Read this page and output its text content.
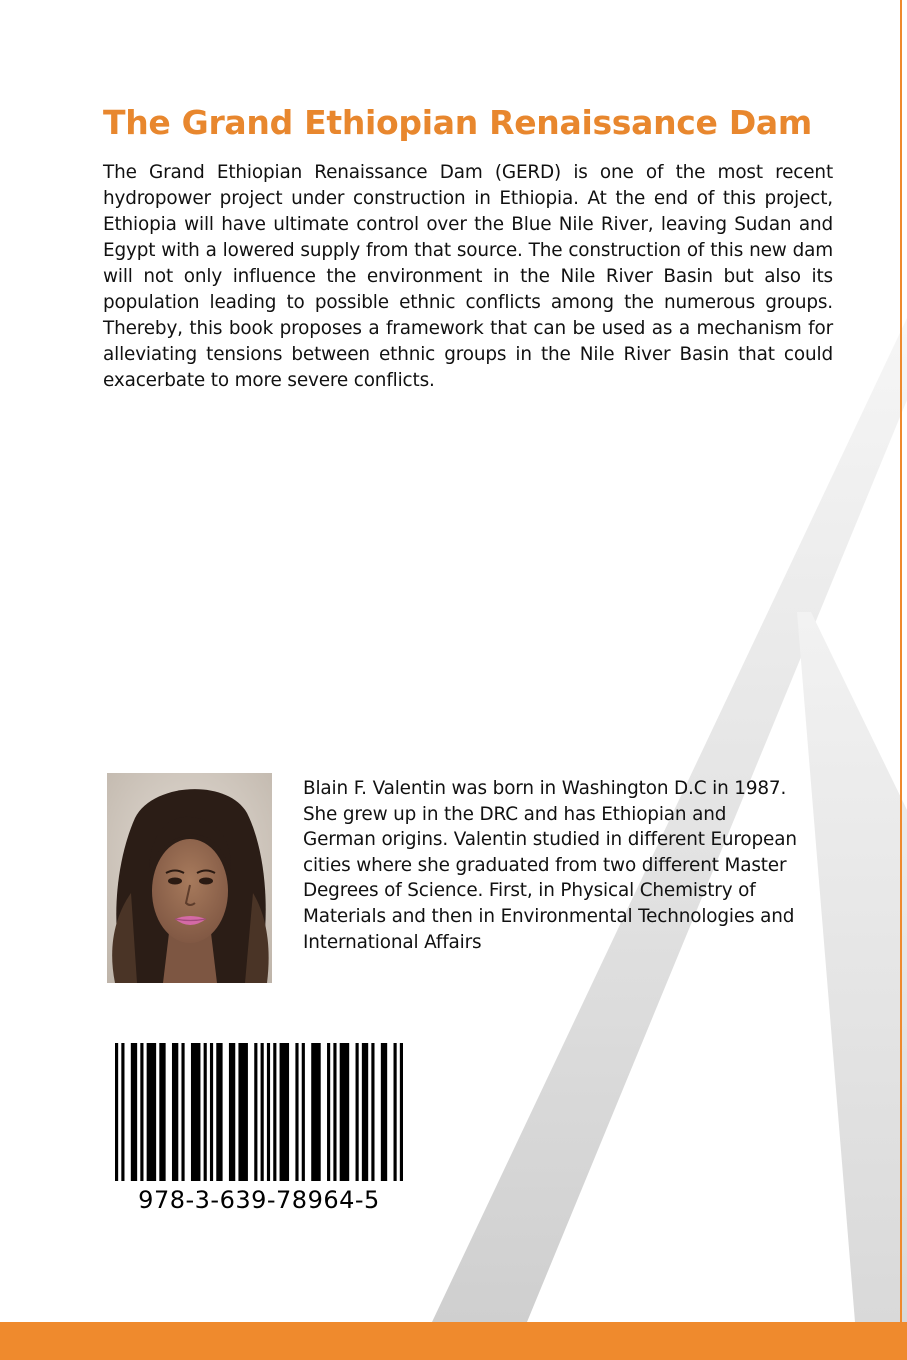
The Grand Ethiopian Renaissance Dam

The Grand Ethiopian Renaissance Dam (GERD) is one of the most recent hydropower project under construction in Ethiopia. At the end of this project, Ethiopia will have ultimate control over the Blue Nile River, leaving Sudan and Egypt with a lowered supply from that source. The construction of this new dam will not only influence the environment in the Nile River Basin but also its population leading to possible ethnic conflicts among the numerous groups. Thereby, this book proposes a framework that can be used as a mechanism for alleviating tensions between ethnic groups in the Nile River Basin that could exacerbate to more severe conflicts.

Blain F. Valentin was born in Washington D.C in 1987. She grew up in the DRC and has Ethiopian and German origins. Valentin studied in different European cities where she graduated from two different Master Degrees of Science. First, in Physical Chemistry of Materials and then in Environmental Technologies and International Affairs

978-3-639-78964-5
